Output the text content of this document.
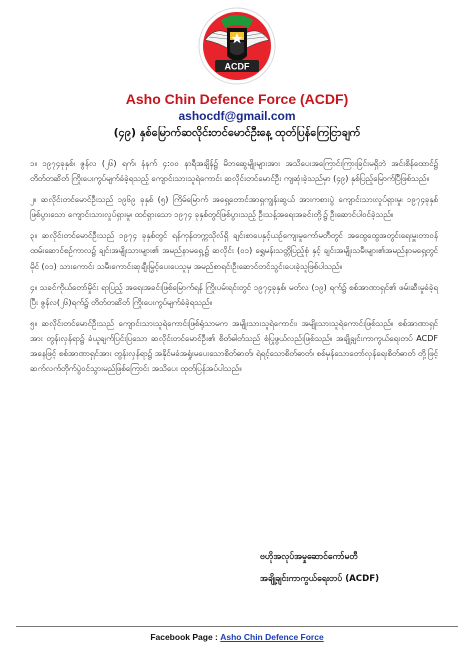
ACDF
Asho Chin Defence Force (ACDF)
ashocdf@gmail.com
(၄၉) နှစ်မြောက်ဆလိုင်းတင်မောင်ဦးနေ့ ထုတ်ပြန်ကြေငြာချက်

၁။ ၁၉၇၄ခုနှစ်၊ ဇွန်လ (၂၆) ရက်၊ နံနက် ၄:၀၀ နာရီအချိန်၌ မိဘဆွေမျိုးများအား အသိပေးအကြောင်းကြားခြင်းမရှိဘဲ အင်းစိန်ထောင်၌ တိတ်တဆိတ် ကြိုးပေးကွပ်မျက်ခံခဲ့ရသည့် ကျောင်းသားသူရဲကောင်း ဆလိုင်းတင်မောင်ဦး ကျဆုံးခဲ့သည်မှာ (၄၉) နှစ်ပြည့်မြောက်ပြီဖြစ်သည်။

၂။ ဆလိုင်းတင်မောင်ဦးသည် ၁၉၆၉ ခုနှစ် (၅) ကြိမ်မြောက် အရှေ့တောင်အာရှကျွန်းဆွယ် အားကစားပွဲ ကျောင်းသားလှုပ်ရှားမှု၊ ၁၉၇၄ခုနှစ်ဖြစ်ပွားသော ကျောင်းသားလှုပ်ရှားမှု၊ ထင်ရှားသော ၁၉၇၄ ခုနှစ်တွင်ဖြစ်ပွားသည့် ဦးသန့်အရေးအခင်းတို့၌ ဦးဆောင်ပါဝင်ခဲ့သည်။

၃။ ဆလိုင်းတင်မောင်ဦးသည် ၁၉၇၄ ခုနှစ်တွင် ရန်ကုန်တက္ကသိုလ်ရှိ ချင်းစာပေနှင့်ယဉ်ကျေးမှုကော်မတီတွင် အထွေထွေအတွင်းရေးမှူးတာဝန် ထမ်းဆောင်စဉ်ကာလ၌ ချင်းအမျိုးသားများ၏ အမည်နာမရှေ့၌ ဆလိုင်း (၀၁) ရွှေမန်းသတ္တိပြည့်စုံ နှင့် ချင်းအမျိုးသမီးများ၏အမည်နာမရှေ့တွင် မိုင် (၀၁) သားကောင်း သမီးကောင်းဆုချီးမြှင့်ပေးပေသူမှ အမည်စာရင်းဦးဆောင်တင်သွင်းပေးခဲ့သူဖြစ်ပါသည်။

၄။ သခင်ကိုယ်တော်မှိုင်း ရာပြည့် အရေးအခင်းဖြစ်မြောက်ရန် ကြိုးပမ်းရင်းတွင် ၁၉၇၄ခုနှစ်၊ မတ်လ (၁၉) ရက်၌ စစ်အာဏာရှင်၏ ဖမ်းဆီးမှုခံခဲ့ရပြီး ဇွန်လ(၂၆)ရက်၌ တိတ်တဆိတ် ကြိုးပေးကွပ်မျက်ခံခဲ့ရသည်။

၅။ ဆလိုင်းတင်မောင်ဦးသည် ကျောင်းသားသူရဲကောင်းဖြစ်ရုံသာမက အမျိုးသားသူရဲကောင်း၊ အမျိုးသားသူရဲကောင်းဖြစ်သည်။ စစ်အာဏာရှင်အား တွန်းလှန်ရာ၌ ခံယူချက်ပြင်းပြသော ဆလိုင်းတင်မောင်ဦး၏ စိတ်ဓါတ်သည် စံပြုဖွယ်လည်းဖြစ်သည်။ အချို့ချင်းကာကွယ်ရေးတပ် ACDF အနေဖြင့် စစ်အာဏာရှင်အား တွန်းလှန်ရာ၌ အနိုင်မခံအရှုံးမပေးသောစိတ်ဓာတ်၊ ရဲရင့်သောစိတ်ဓာတ်၊ စစ်မှန်သောတော်လှန်ရေးစိတ်ဓာတ် တို့ဖြင့် ဆက်လက်တိုက်ပွဲဝင်သွားမည်ဖြစ်ကြောင်း အသိပေး ထုတ်ပြန်အပ်ပါသည်။

ဗဟိုအလုပ်အမှုဆောင်ကော်မတီ
အချို့ချင်းကာကွယ်ရေးတပ် (ACDF)
Facebook Page : Asho Chin Defence Force
